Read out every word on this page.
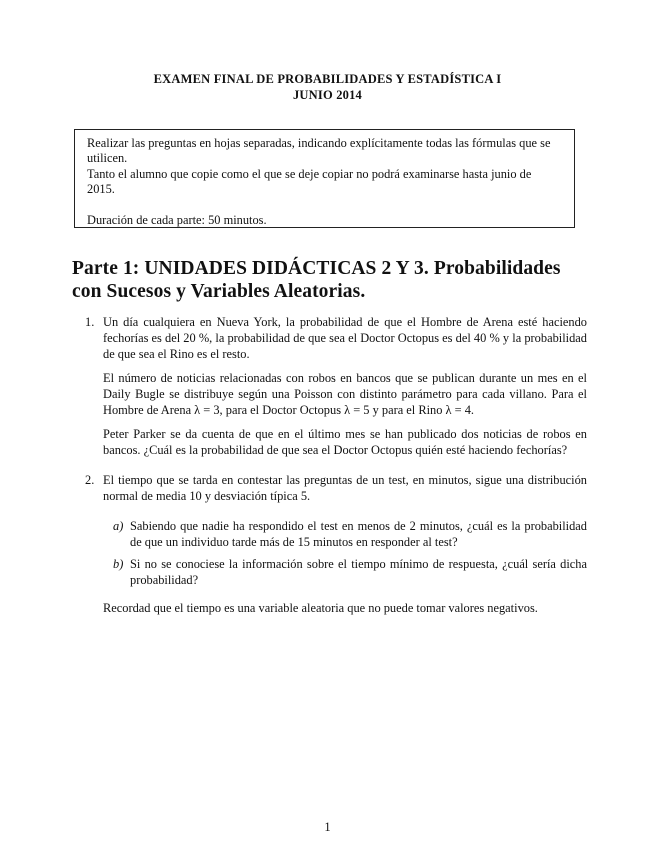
EXAMEN FINAL DE PROBABILIDADES Y ESTADÍSTICA I
JUNIO 2014

Realizar las preguntas en hojas separadas, indicando explícitamente todas las fórmulas que se utilicen.

Tanto el alumno que copie como el que se deje copiar no podrá examinarse hasta junio de 2015.

Duración de cada parte: 50 minutos.

Parte 1: UNIDADES DIDÁCTICAS 2 Y 3. Probabilidades con Sucesos y Variables Aleatorias.
1. Un día cualquiera en Nueva York, la probabilidad de que el Hombre de Arena esté haciendo fechorías es del 20 %, la probabilidad de que sea el Doctor Octopus es del 40 % y la probabilidad de que sea el Rino es el resto.

El número de noticias relacionadas con robos en bancos que se publican durante un mes en el Daily Bugle se distribuye según una Poisson con distinto parámetro para cada villano. Para el Hombre de Arena λ = 3, para el Doctor Octopus λ = 5 y para el Rino λ = 4.

Peter Parker se da cuenta de que en el último mes se han publicado dos noticias de robos en bancos. ¿Cuál es la probabilidad de que sea el Doctor Octopus quién esté haciendo fechorías?

2. El tiempo que se tarda en contestar las preguntas de un test, en minutos, sigue una distribución normal de media 10 y desviación típica 5.

a) Sabiendo que nadie ha respondido el test en menos de 2 minutos, ¿cuál es la probabilidad de que un individuo tarde más de 15 minutos en responder al test?

b) Si no se conociese la información sobre el tiempo mínimo de respuesta, ¿cuál sería dicha probabilidad?

Recordad que el tiempo es una variable aleatoria que no puede tomar valores negativos.

1
